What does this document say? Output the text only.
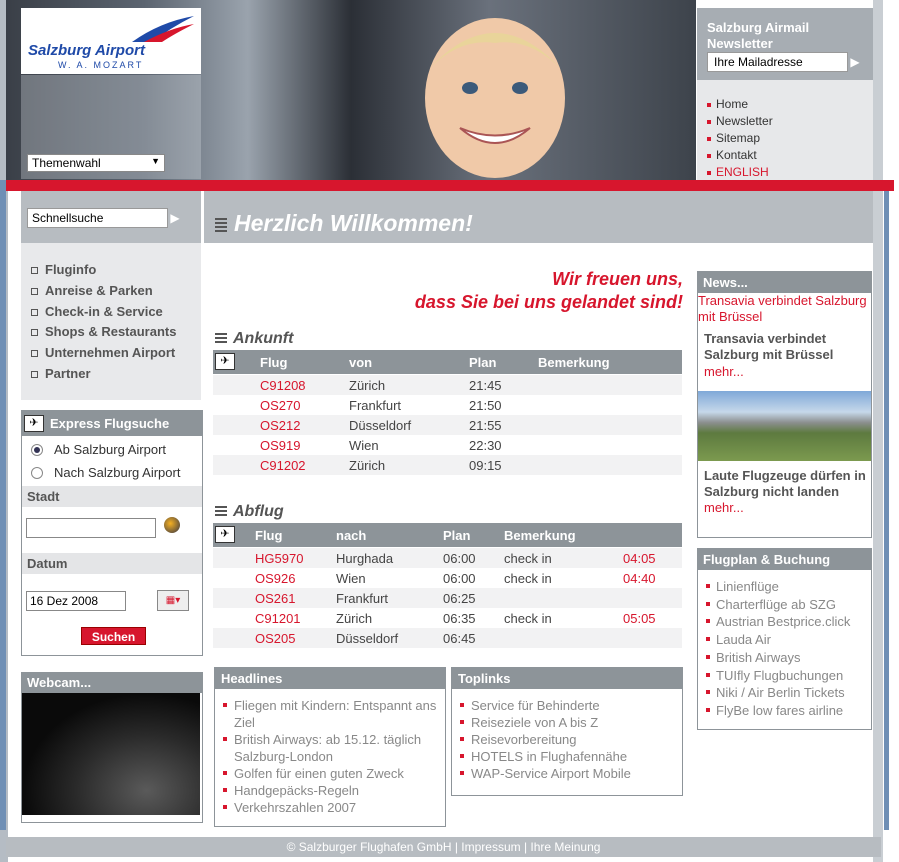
Salzburg Airport
W. A. MOZART
Themenwahl	▼
Salzburg Airmail Newsletter
Ihre Mailadresse	▶
Home
Newsletter
Sitemap
Kontakt
ENGLISH
Schnellsuche	▶ Herzlich Willkommen!
Fluginfo
Anreise & Parken
Check-in & Service
Shops & Restaurants
Unternehmen Airport
Partner
Express Flugsuche
✈
Ab Salzburg Airport
Nach Salzburg Airport
Stadt
Datum
16 Dez 2008	▦▾
Suchen
Webcam...
Wir freuen uns,
dass Sie bei uns gelandet sind!
Ankunft
✈	Flug	von	Plan	Bemerkung
C91208	Zürich	21:45
OS270	Frankfurt	21:50
OS212	Düsseldorf	21:55
OS919	Wien	22:30
C91202	Zürich	09:15
Abflug
✈	Flug	nach	Plan	Bemerkung
HG5970	Hurghada	06:00 check in	04:05
OS926	Wien	06:00 check in	04:40
OS261	Frankfurt	06:25
C91201	Zürich	06:35 check in	05:05
OS205	Düsseldorf	06:45
Headlines
Fliegen mit Kindern: Entspannt ans Ziel
British Airways: ab 15.12. täglich Salzburg-London
Golfen für einen guten Zweck
Handgepäcks-Regeln
Verkehrszahlen 2007
Toplinks
Service für Behinderte
Reiseziele von A bis Z
Reisevorbereitung
HOTELS in Flughafennähe
WAP-Service Airport Mobile
News...
Transavia verbindet Salzburg mit Brüssel
Transavia verbindet Salzburg mit Brüssel
mehr...
Laute Flugzeuge dürfen in Salzburg nicht landen
mehr...
Flugplan & Buchung
Linienflüge
Charterflüge ab SZG
Austrian Bestprice.click
Lauda Air
British Airways
TUIfly Flugbuchungen
Niki / Air Berlin Tickets
FlyBe low fares airline
© Salzburger Flughafen GmbH | Impressum | Ihre Meinung
